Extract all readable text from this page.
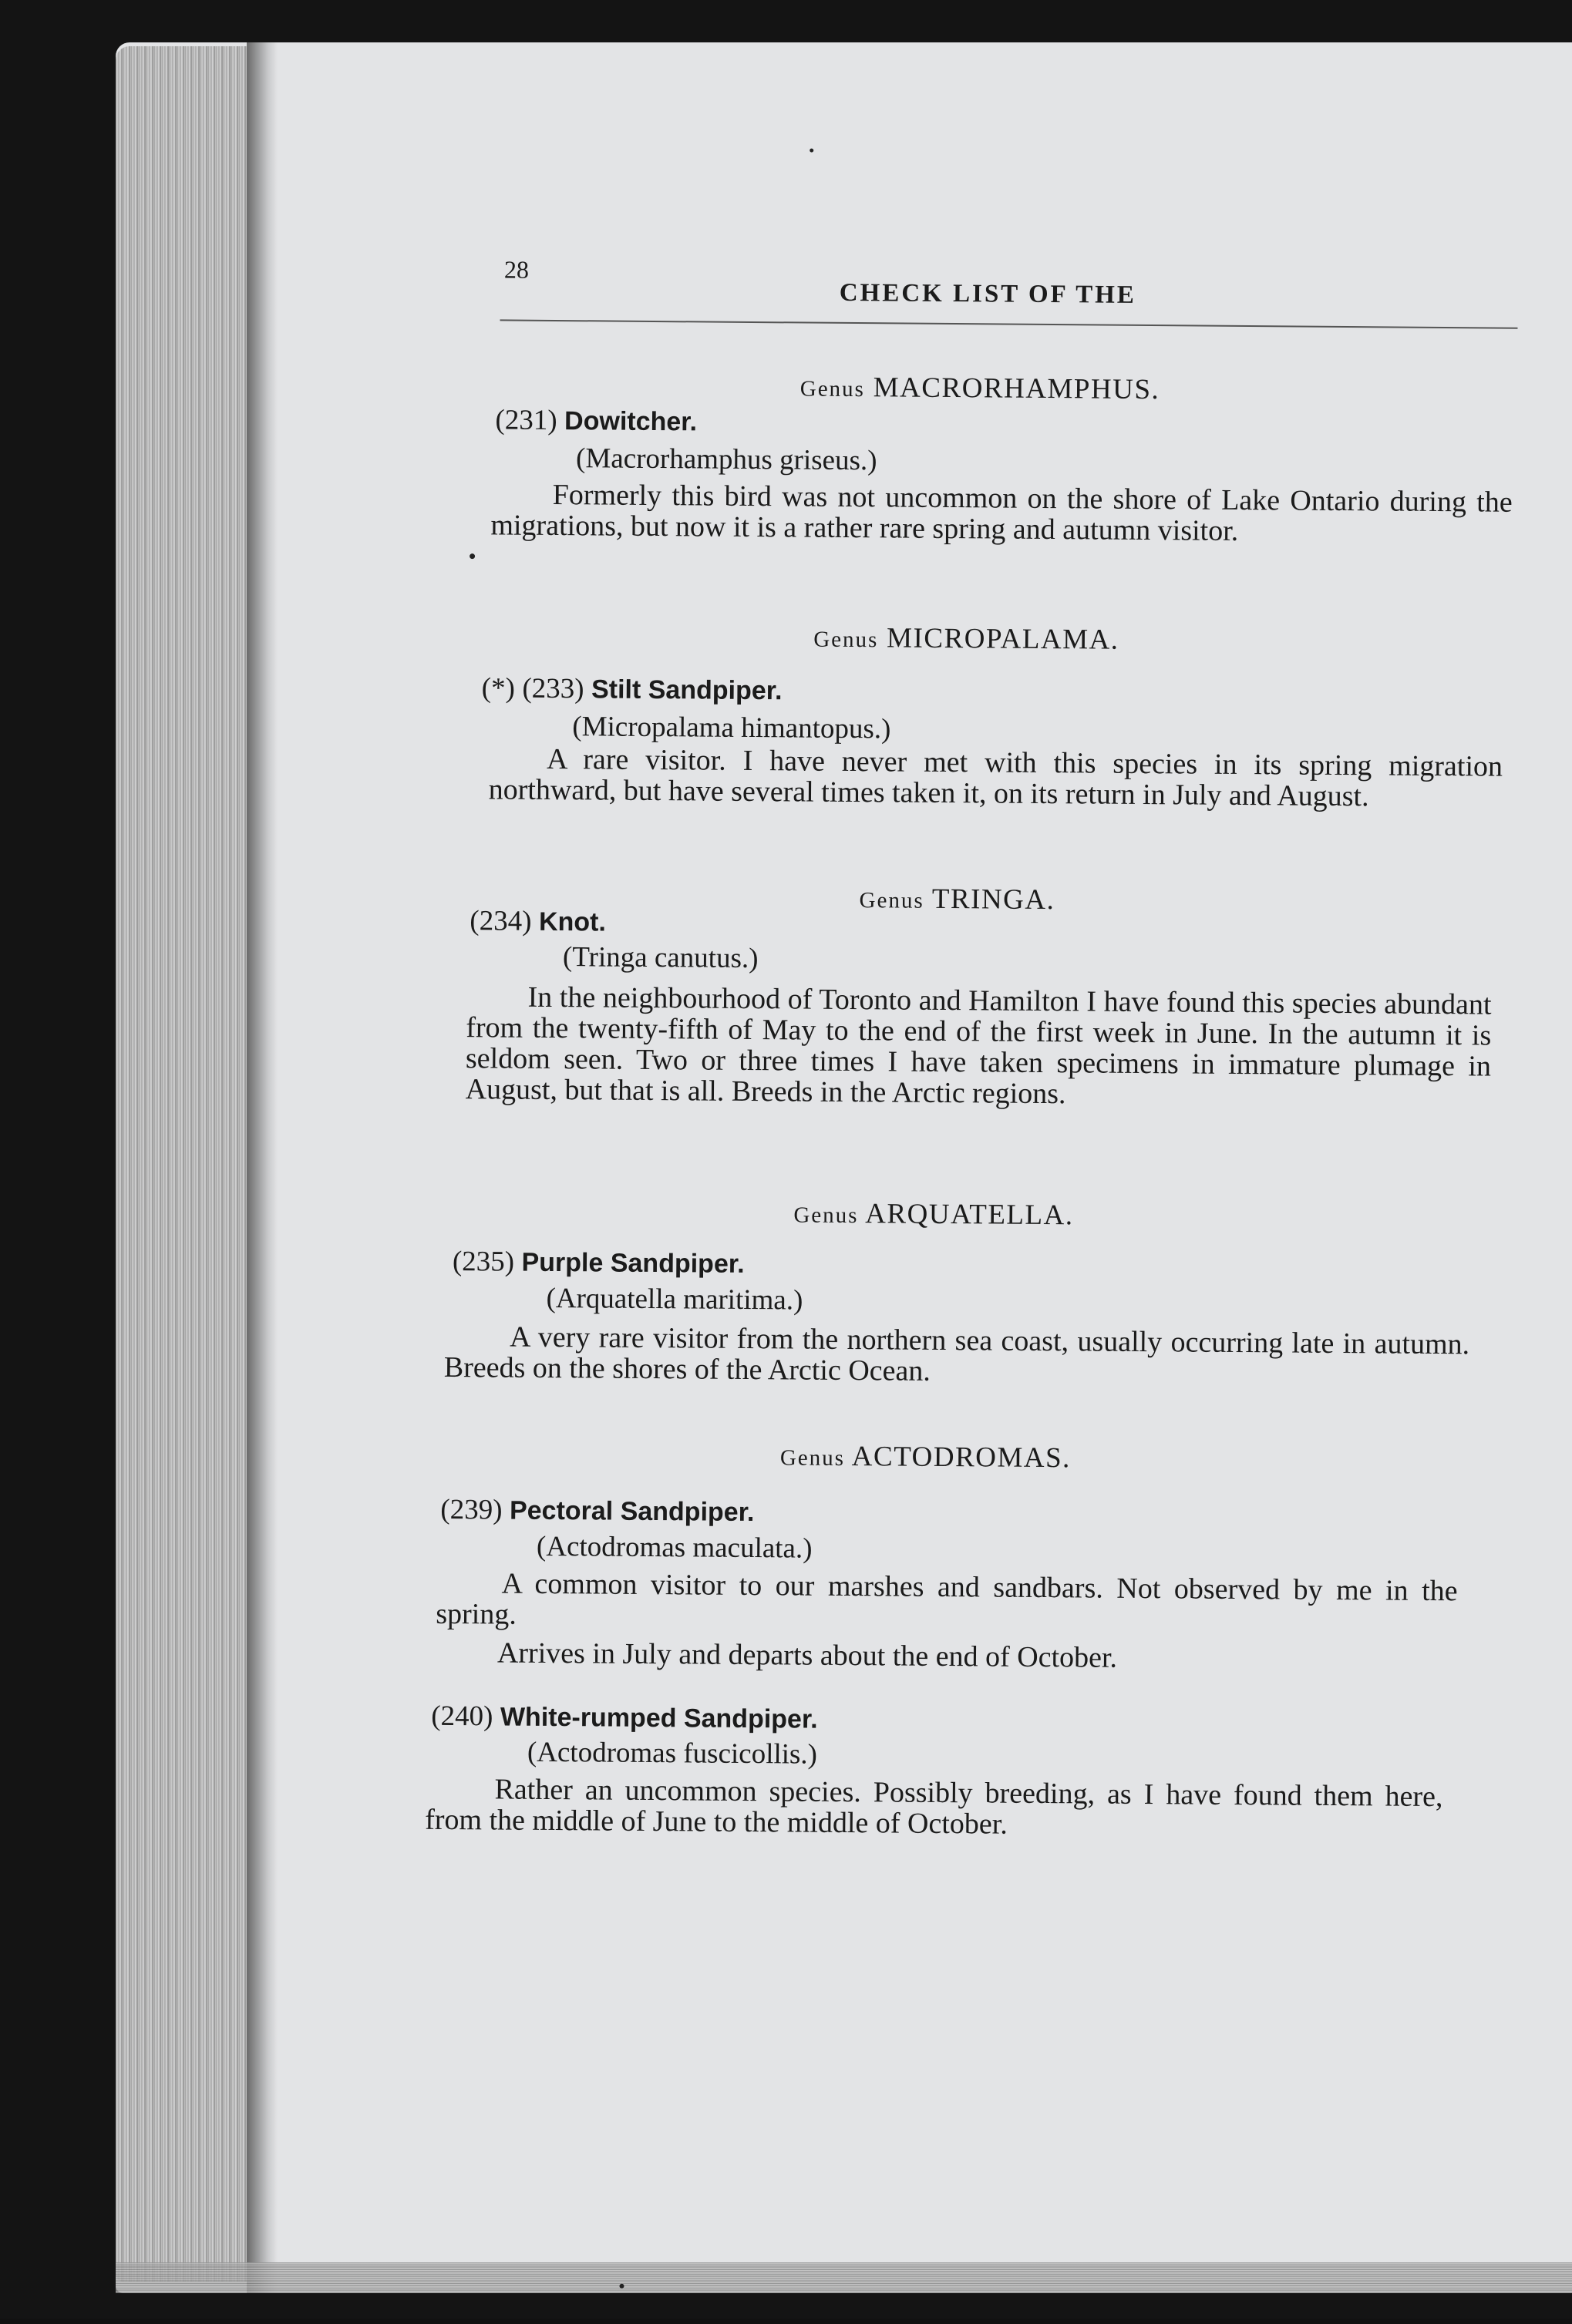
28
CHECK LIST OF THE
Genus MACRORHAMPHUS.
(231) Dowitcher.
(Macrorhamphus griseus.)
Formerly this bird was not uncommon on the shore of Lake Ontario during the migrations, but now it is a rather rare spring and autumn visitor.
Genus MICROPALAMA.
(*) (233) Stilt Sandpiper.
(Micropalama himantopus.)
A rare visitor. I have never met with this species in its spring migration northward, but have several times taken it, on its return in July and August.
Genus TRINGA.
(234) Knot.
(Tringa canutus.)
In the neighbourhood of Toronto and Hamilton I have found this species abundant from the twenty-fifth of May to the end of the first week in June. In the autumn it is seldom seen. Two or three times I have taken specimens in immature plumage in August, but that is all. Breeds in the Arctic regions.
Genus ARQUATELLA.
(235) Purple Sandpiper.
(Arquatella maritima.)
A very rare visitor from the northern sea coast, usually occurring late in autumn. Breeds on the shores of the Arctic Ocean.
Genus ACTODROMAS.
(239) Pectoral Sandpiper.
(Actodromas maculata.)
A common visitor to our marshes and sandbars. Not observed by me in the spring.
Arrives in July and departs about the end of October.
(240) White-rumped Sandpiper.
(Actodromas fuscicollis.)
Rather an uncommon species. Possibly breeding, as I have found them here, from the middle of June to the middle of October.
